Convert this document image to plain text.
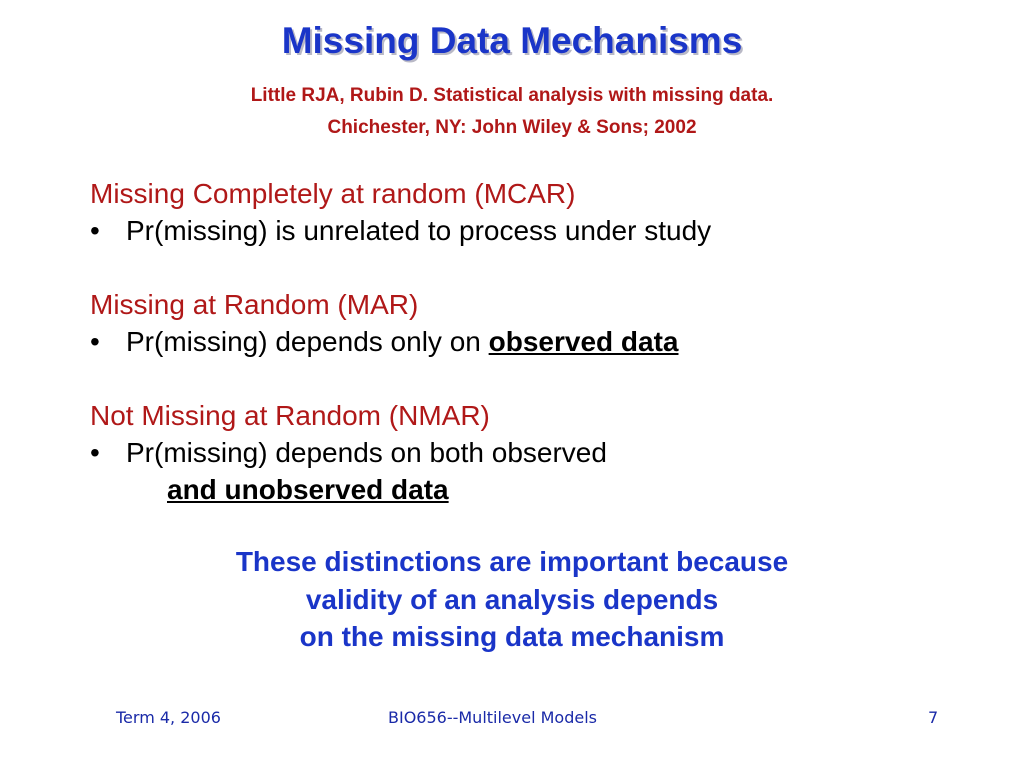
Missing Data Mechanisms
Little RJA, Rubin D. Statistical analysis with missing data.
Chichester, NY: John Wiley & Sons; 2002
Missing Completely at random (MCAR)
• Pr(missing) is unrelated to process under study
Missing at Random (MAR)
• Pr(missing) depends only on observed data
Not Missing at Random (NMAR)
• Pr(missing) depends on both observed
and unobserved data
These distinctions are important because
validity of an analysis depends
on the missing data mechanism
Term 4, 2006	BIO656--Multilevel Models	7
